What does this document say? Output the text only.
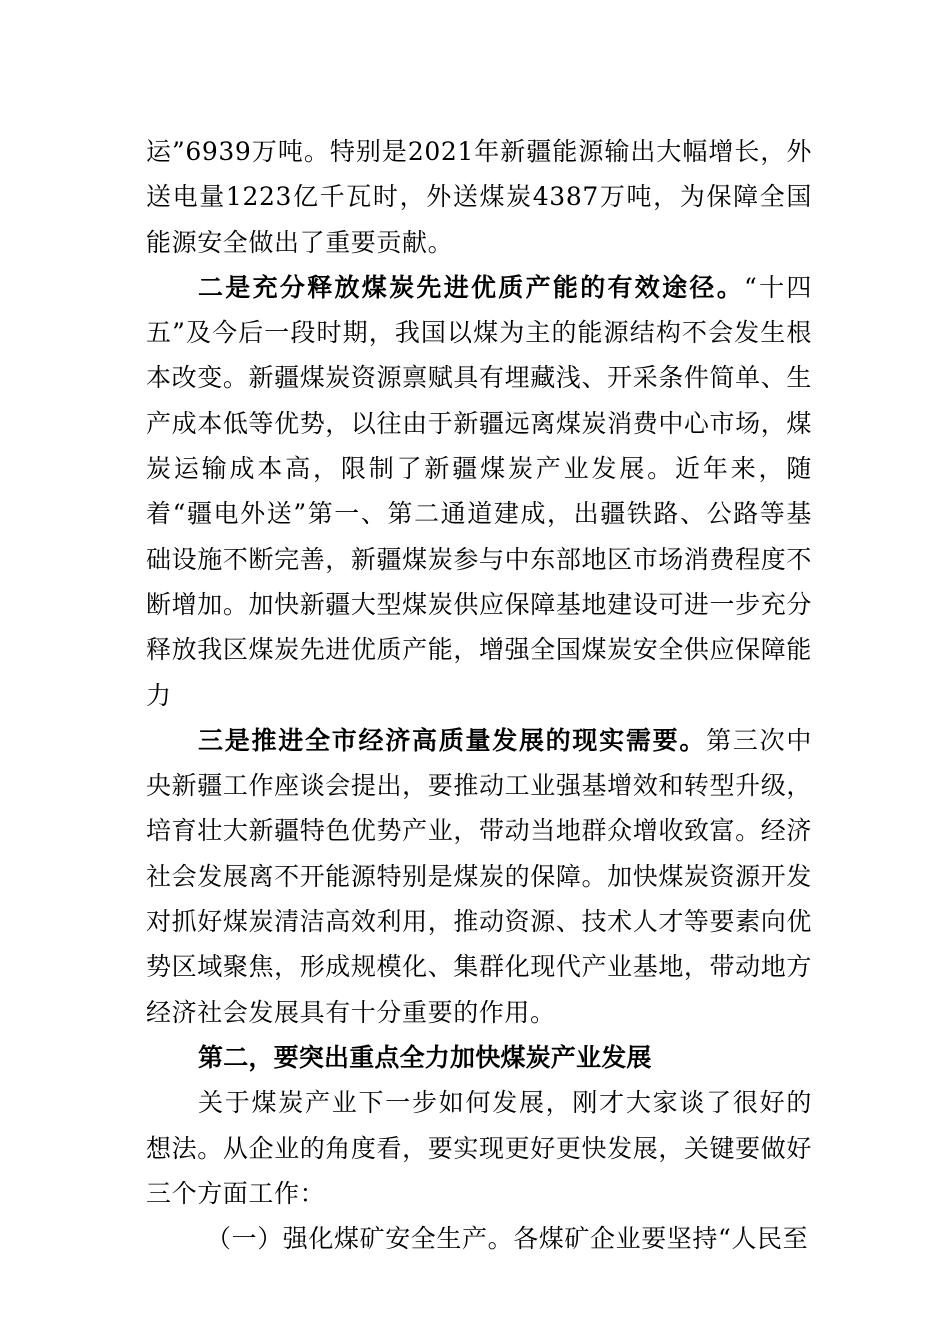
运”6939万吨。特别是2021年新疆能源输出大幅增长，外送电量1223亿千瓦时，外送煤炭4387万吨，为保障全国能源安全做出了重要贡献。

二是充分释放煤炭先进优质产能的有效途径。“十四五”及今后一段时期，我国以煤为主的能源结构不会发生根本改变。新疆煤炭资源禀赋具有埋藏浅、开采条件简单、生产成本低等优势，以往由于新疆远离煤炭消费中心市场，煤炭运输成本高，限制了新疆煤炭产业发展。近年来，随着“疆电外送”第一、第二通道建成，出疆铁路、公路等基础设施不断完善，新疆煤炭参与中东部地区市场消费程度不断增加。加快新疆大型煤炭供应保障基地建设可进一步充分释放我区煤炭先进优质产能，增强全国煤炭安全供应保障能力

三是推进全市经济高质量发展的现实需要。第三次中央新疆工作座谈会提出，要推动工业强基增效和转型升级，培育壮大新疆特色优势产业，带动当地群众增收致富。经济社会发展离不开能源特别是煤炭的保障。加快煤炭资源开发对抓好煤炭清洁高效利用，推动资源、技术人才等要素向优势区域聚焦，形成规模化、集群化现代产业基地，带动地方经济社会发展具有十分重要的作用。

第二，要突出重点全力加快煤炭产业发展

关于煤炭产业下一步如何发展，刚才大家谈了很好的想法。从企业的角度看，要实现更好更快发展，关键要做好三个方面工作：

（一）强化煤矿安全生产。各煤矿企业要坚持“人民至
